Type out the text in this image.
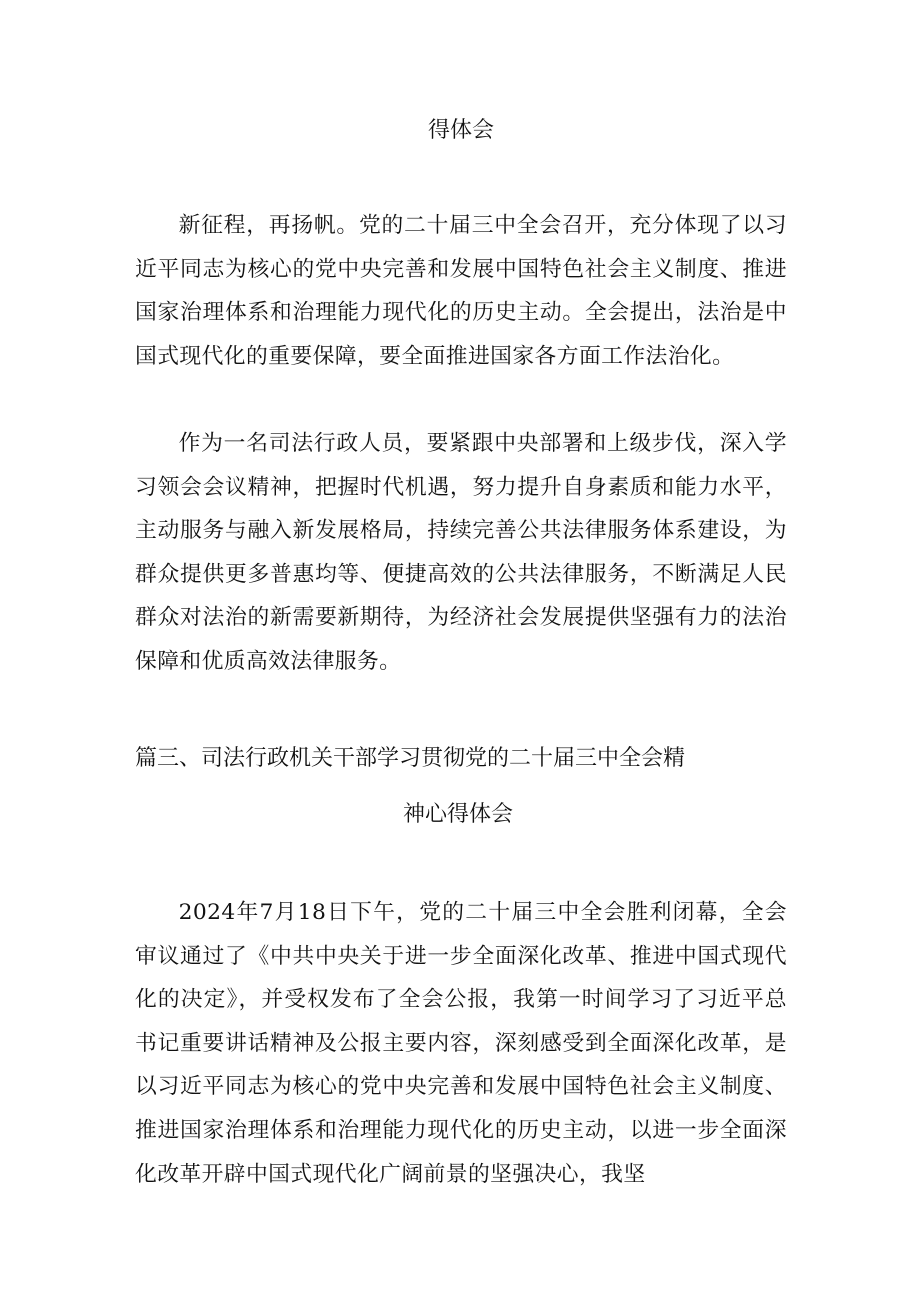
得体会

新征程，再扬帆。党的二十届三中全会召开，充分体现了以习近平同志为核心的党中央完善和发展中国特色社会主义制度、推进国家治理体系和治理能力现代化的历史主动。全会提出，法治是中国式现代化的重要保障，要全面推进国家各方面工作法治化。

作为一名司法行政人员，要紧跟中央部署和上级步伐，深入学习领会会议精神，把握时代机遇，努力提升自身素质和能力水平，主动服务与融入新发展格局，持续完善公共法律服务体系建设，为群众提供更多普惠均等、便捷高效的公共法律服务，不断满足人民群众对法治的新需要新期待，为经济社会发展提供坚强有力的法治保障和优质高效法律服务。

篇三、司法行政机关干部学习贯彻党的二十届三中全会精
神心得体会

2024年7月18日下午，党的二十届三中全会胜利闭幕，全会审议通过了《中共中央关于进一步全面深化改革、推进中国式现代化的决定》，并受权发布了全会公报，我第一时间学习了习近平总书记重要讲话精神及公报主要内容，深刻感受到全面深化改革，是以习近平同志为核心的党中央完善和发展中国特色社会主义制度、推进国家治理体系和治理能力现代化的历史主动，以进一步全面深化改革开辟中国式现代化广阔前景的坚强决心，我坚
